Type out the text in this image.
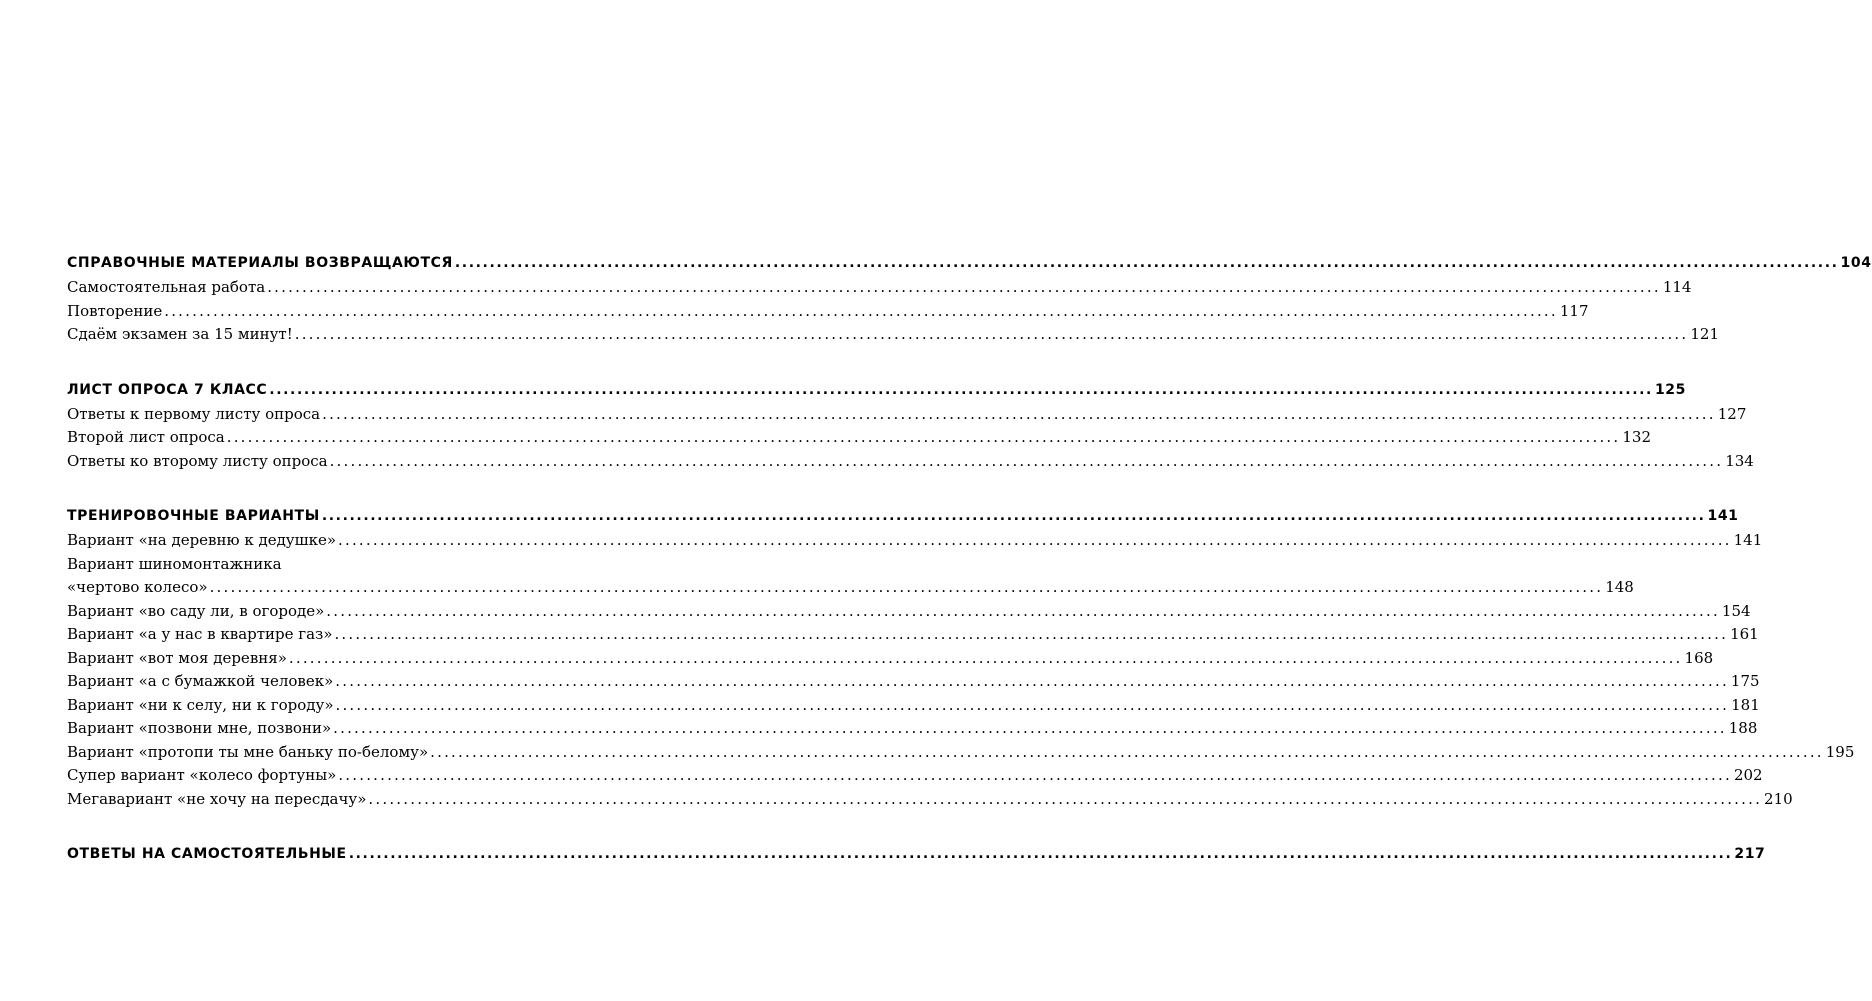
СПРАВОЧНЫЕ МАТЕРИАЛЫ ВОЗВРАЩАЮТСЯ ........................................................................................................................................................................................................ 104
Самостоятельная работа ........................................................................................................................................................................................................ 114
Повторение ........................................................................................................................................................................................................ 117
Сдаём экзамен за 15 минут! ........................................................................................................................................................................................................ 121
ЛИСТ ОПРОСА 7 КЛАСС ........................................................................................................................................................................................................ 125
Ответы к первому листу опроса ........................................................................................................................................................................................................ 127
Второй лист опроса ........................................................................................................................................................................................................ 132
Ответы ко второму листу опроса ........................................................................................................................................................................................................ 134
ТРЕНИРОВОЧНЫЕ ВАРИАНТЫ ........................................................................................................................................................................................................ 141
Вариант «на деревню к дедушке» ........................................................................................................................................................................................................ 141
Вариант шиномонтажника
«чертово колесо» ........................................................................................................................................................................................................ 148
Вариант «во саду ли, в огороде» ........................................................................................................................................................................................................ 154
Вариант «а у нас в квартире газ» ........................................................................................................................................................................................................ 161
Вариант «вот моя деревня» ........................................................................................................................................................................................................ 168
Вариант «а с бумажкой человек» ........................................................................................................................................................................................................ 175
Вариант «ни к селу, ни к городу» ........................................................................................................................................................................................................ 181
Вариант «позвони мне, позвони» ........................................................................................................................................................................................................ 188
Вариант «протопи ты мне баньку по-белому» ........................................................................................................................................................................................................ 195
Супер вариант «колесо фортуны» ........................................................................................................................................................................................................ 202
Мегавариант «не хочу на пересдачу» ........................................................................................................................................................................................................ 210
ОТВЕТЫ НА САМОСТОЯТЕЛЬНЫЕ ........................................................................................................................................................................................................ 217
